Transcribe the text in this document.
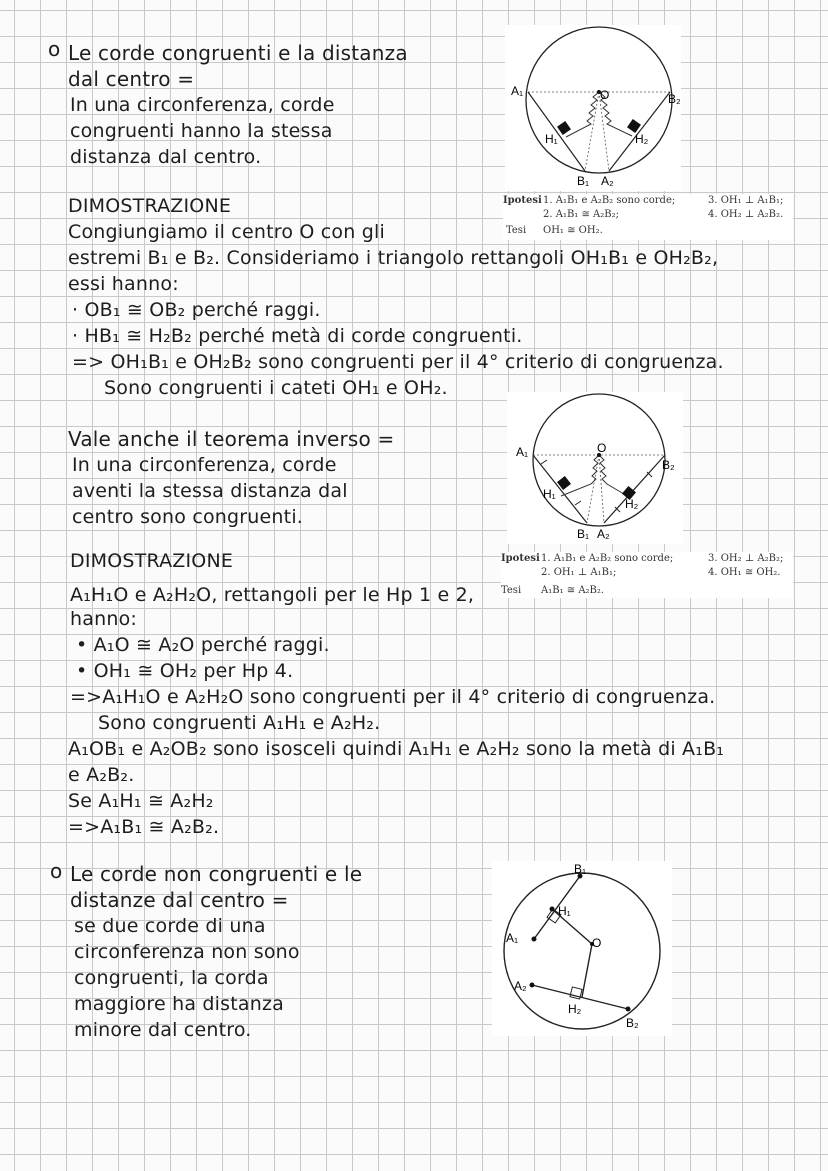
o Le corde congruenti e la distanza
dal centro =
In una circonferenza, corde
congruenti hanno la stessa
distanza dal centro.
DIMOSTRAZIONE
Congiungiamo il centro O con gli
estremi B₁ e B₂. Consideriamo i triangolo rettangoli OH₁B₁ e OH₂B₂,
essi hanno:
· OB₁ ≅ OB₂ perché raggi.
· HB₁ ≅ H₂B₂ perché metà di corde congruenti.
=> OH₁B₁ e OH₂B₂ sono congruenti per il 4° criterio di congruenza.
Sono congruenti i cateti OH₁ e OH₂.
A₁	O	B₂
H₁	H₂
B₁ A₂
Ipotesi 1. A₁B₁ e A₂B₂ sono corde;
2. A₁B₁ ≅ A₂B₂;
3. OH₁ ⊥ A₁B₁;
4. OH₂ ⊥ A₂B₂.
Tesi OH₁ ≅ OH₂.
Vale anche il teorema inverso =
In una circonferenza, corde
aventi la stessa distanza dal
centro sono congruenti.
DIMOSTRAZIONE
A₁H₁O e A₂H₂O, rettangoli per le Hp 1 e 2,
hanno:
• A₁O ≅ A₂O perché raggi.
• OH₁ ≅ OH₂ per Hp 4.
=>A₁H₁O e A₂H₂O sono congruenti per il 4° criterio di congruenza.
Sono congruenti A₁H₁ e A₂H₂.
A₁OB₁ e A₂OB₂ sono isosceli quindi A₁H₁ e A₂H₂ sono la metà di A₁B₁
e A₂B₂.
Se A₁H₁ ≅ A₂H₂
=>A₁B₁ ≅ A₂B₂.
A₁	O
B₂
H₁
H₂
B₁ A₂
Ipotesi 1. A₁B₁ e A₂B₂ sono corde;
2. OH₁ ⊥ A₁B₁;
3. OH₂ ⊥ A₂B₂;
4. OH₁ ≅ OH₂.
Tesi A₁B₁ ≅ A₂B₂.
o Le corde non congruenti e le
distanze dal centro =
se due corde di una
circonferenza non sono
congruenti, la corda
maggiore ha distanza
minore dal centro.
B₁
H₁
A₁	O
A₂
H₂
B₂
